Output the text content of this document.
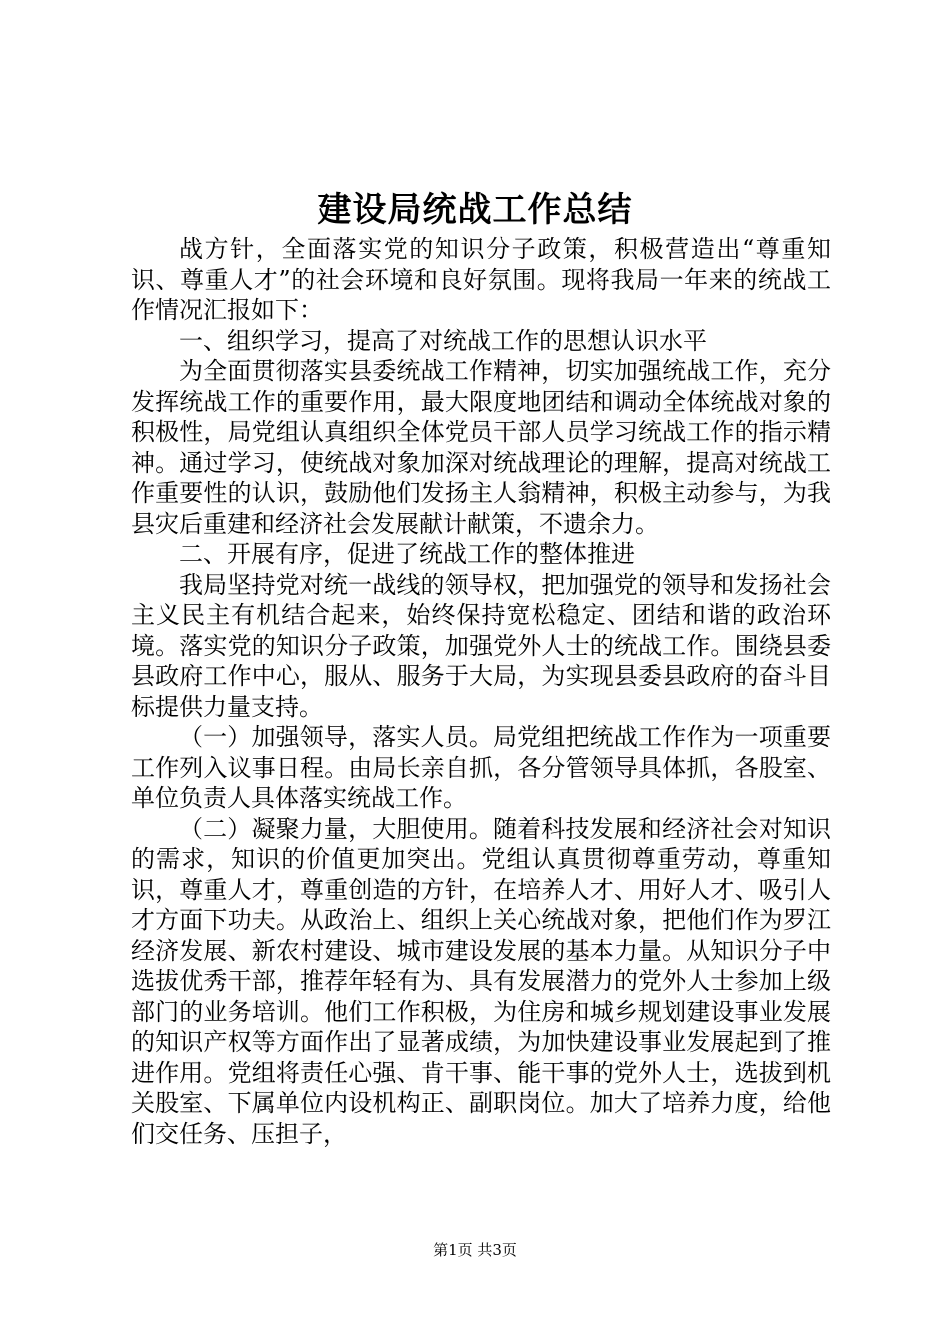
建设局统战工作总结

战方针，全面落实党的知识分子政策，积极营造出“尊重知识、尊重人才”的社会环境和良好氛围。现将我局一年来的统战工作情况汇报如下：

一、组织学习，提高了对统战工作的思想认识水平

为全面贯彻落实县委统战工作精神，切实加强统战工作，充分发挥统战工作的重要作用，最大限度地团结和调动全体统战对象的积极性，局党组认真组织全体党员干部人员学习统战工作的指示精神。通过学习，使统战对象加深对统战理论的理解，提高对统战工作重要性的认识，鼓励他们发扬主人翁精神，积极主动参与，为我县灾后重建和经济社会发展献计献策，不遗余力。

二、开展有序，促进了统战工作的整体推进

我局坚持党对统一战线的领导权，把加强党的领导和发扬社会主义民主有机结合起来，始终保持宽松稳定、团结和谐的政治环境。落实党的知识分子政策，加强党外人士的统战工作。围绕县委县政府工作中心，服从、服务于大局，为实现县委县政府的奋斗目标提供力量支持。

（一）加强领导，落实人员。局党组把统战工作作为一项重要工作列入议事日程。由局长亲自抓，各分管领导具体抓，各股室、单位负责人具体落实统战工作。

（二）凝聚力量，大胆使用。随着科技发展和经济社会对知识的需求，知识的价值更加突出。党组认真贯彻尊重劳动，尊重知识，尊重人才，尊重创造的方针，在培养人才、用好人才、吸引人才方面下功夫。从政治上、组织上关心统战对象，把他们作为罗江经济发展、新农村建设、城市建设发展的基本力量。从知识分子中选拔优秀干部，推荐年轻有为、具有发展潜力的党外人士参加上级部门的业务培训。他们工作积极，为住房和城乡规划建设事业发展的知识产权等方面作出了显著成绩，为加快建设事业发展起到了推进作用。党组将责任心强、肯干事、能干事的党外人士，选拔到机关股室、下属单位内设机构正、副职岗位。加大了培养力度，给他们交任务、压担子，

第1页 共3页
